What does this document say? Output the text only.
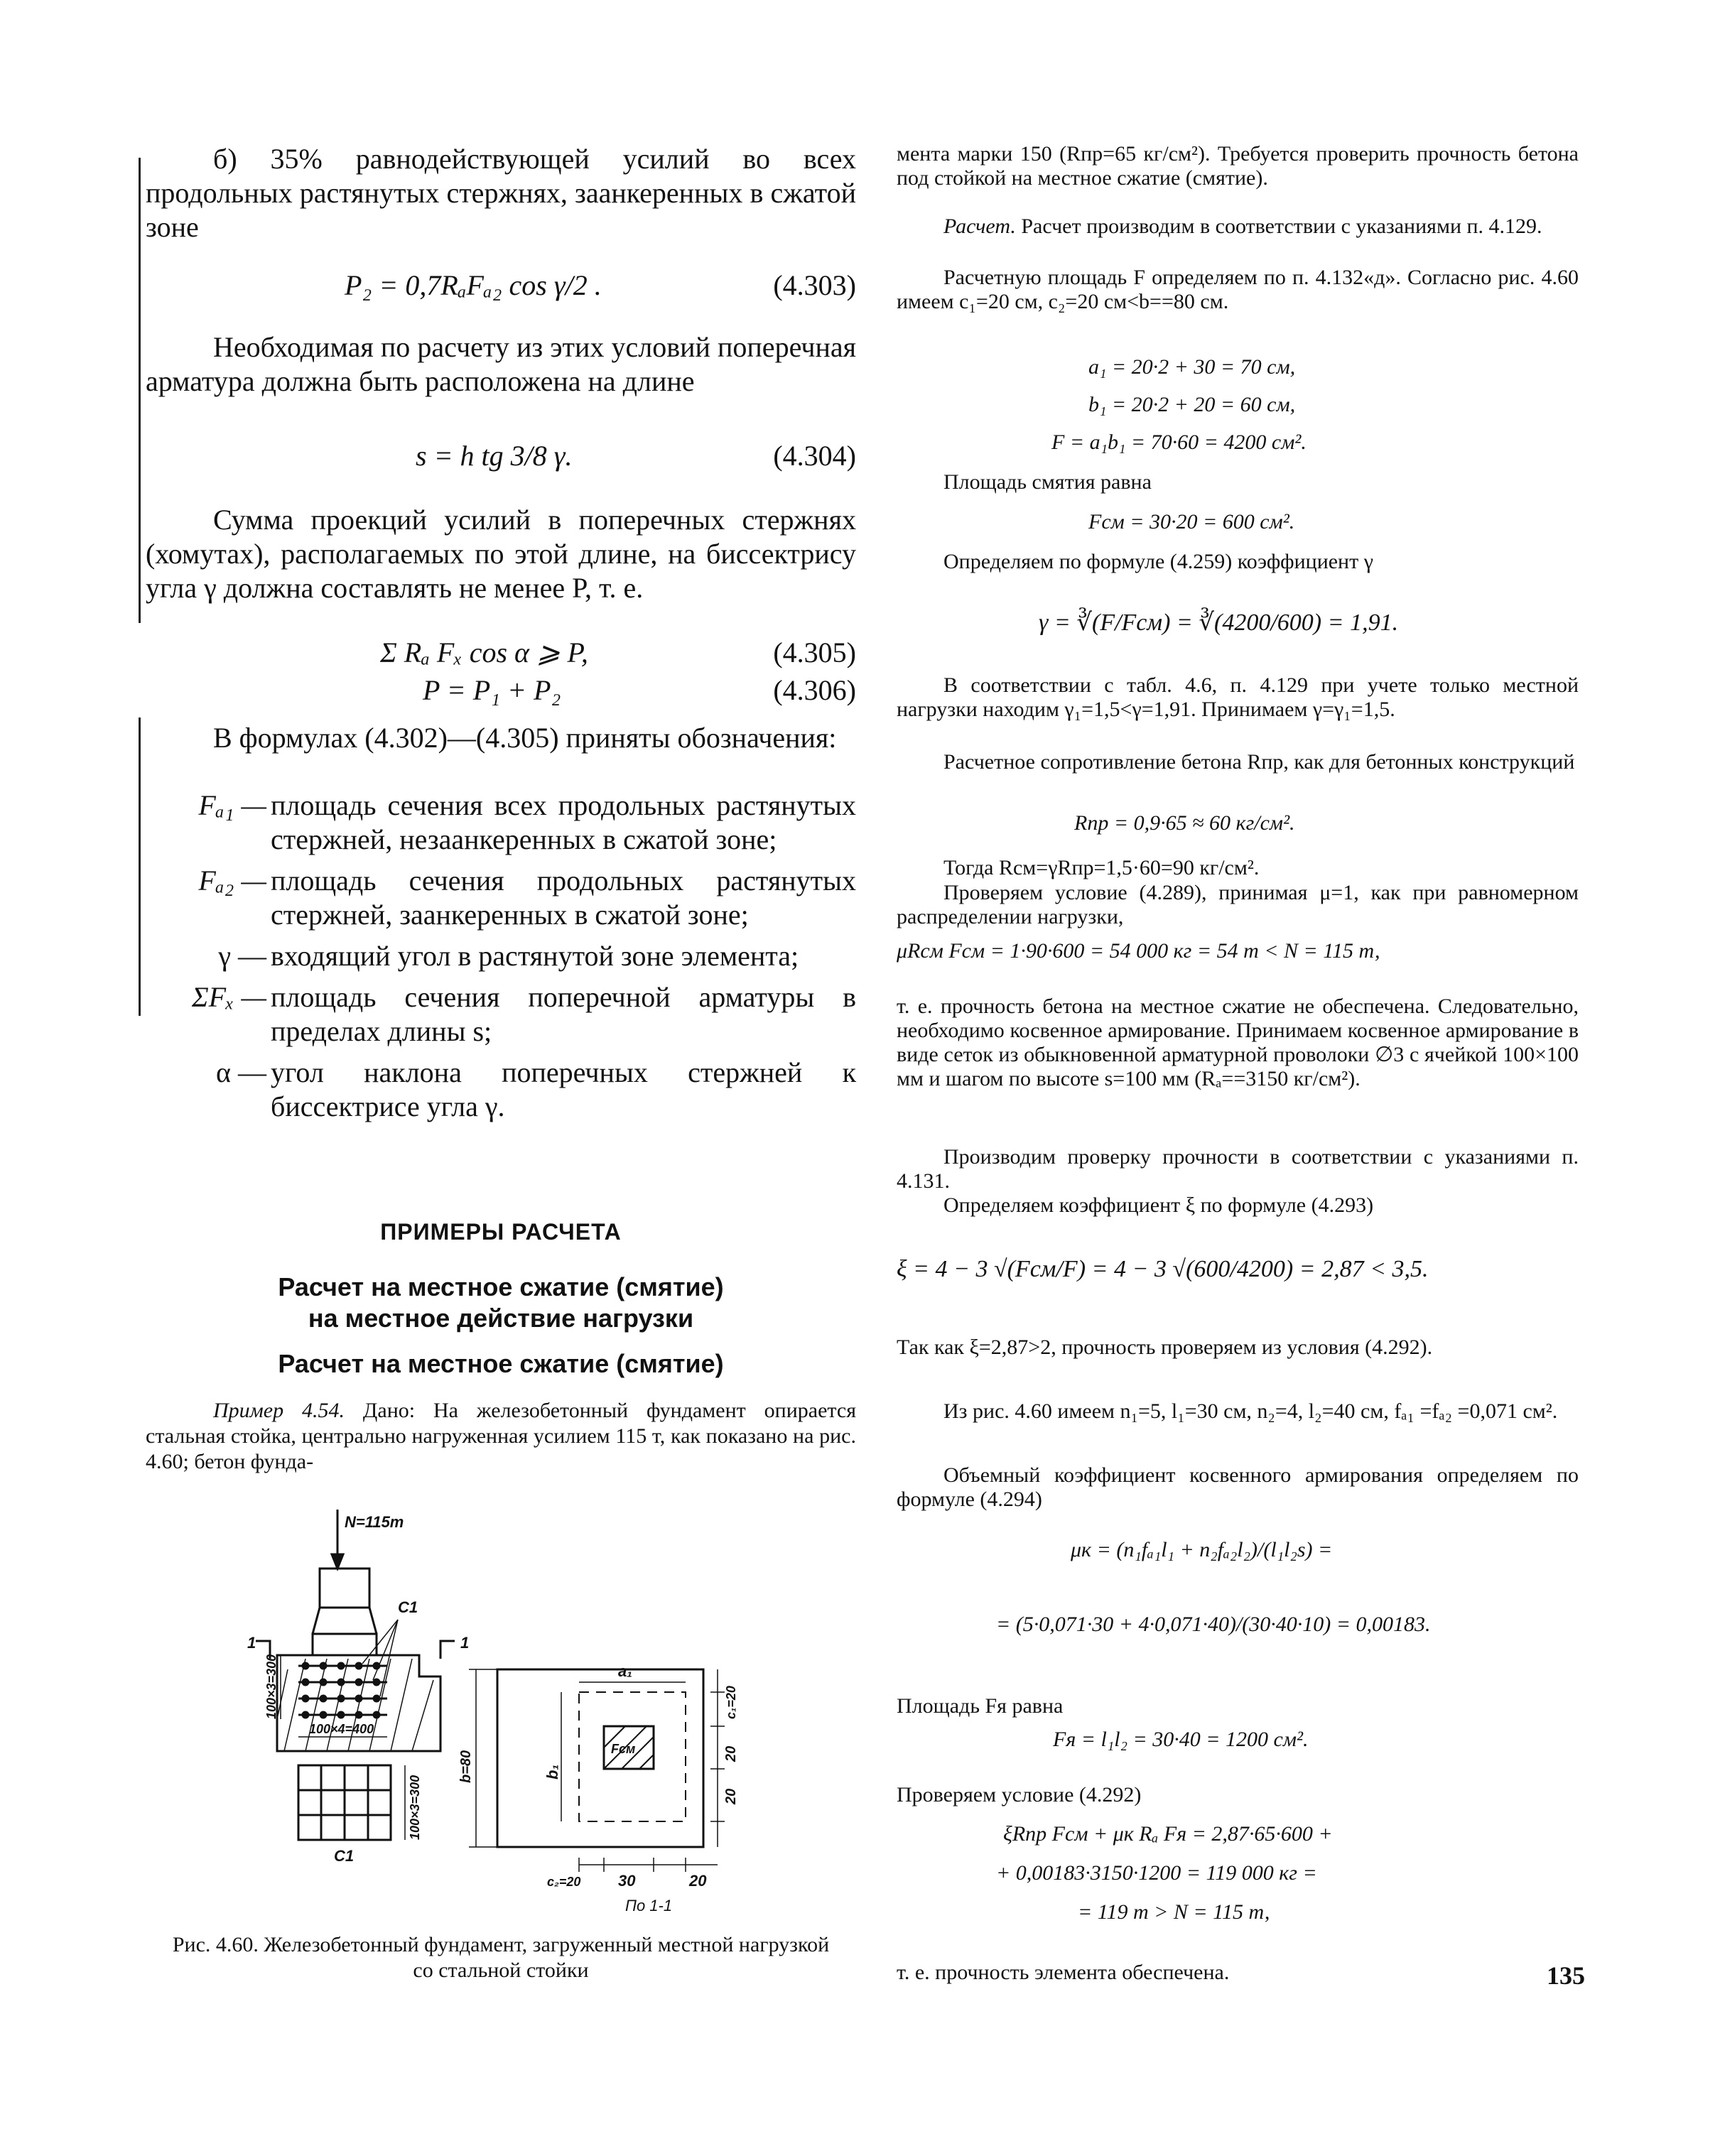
б) 35% равнодействующей усилий во всех продольных растянутых стержнях, заанкеренных в сжатой зоне
P₂ = 0,7RₐFₐ₂ cos γ/2 .	(4.303)
Необходимая по расчету из этих условий поперечная арматура должна быть расположена на длине
s = h tg 3/8 γ.	(4.304)
Сумма проекций усилий в поперечных стержнях (хомутах), располагаемых по этой длине, на биссектрису угла γ должна составлять не менее P, т. е.
Σ Rₐ Fₓ cos α ⩾ P,	(4.305)
P = P₁ + P₂	(4.306)
В формулах (4.302)—(4.305) приняты обозначения:
Fₐ₁ — площадь сечения всех продольных растянутых стержней, незаанкеренных в сжатой зоне;
Fₐ₂ — площадь сечения продольных растянутых стержней, заанкеренных в сжатой зоне;
γ — входящий угол в растянутой зоне элемента;
ΣFₓ — площадь сечения поперечной арматуры в пределах длины s;
α — угол наклона поперечных стержней к биссектрисе угла γ.
ПРИМЕРЫ РАСЧЕТА
Расчет на местное сжатие (смятие)
на местное действие нагрузки
Расчет на местное сжатие (смятие)
Пример 4.54. Дано: На железобетонный фундамент опирается стальная стойка, центрально нагруженная усилием 115 т, как показано на рис. 4.60; бетон фунда-
N=115т
С1
1	1
100×3=300
100×4=400
100×3=300
С1
b=80
a₁
b₁
Fсм
c₁=20
20
20
c₂=20 30	20
По 1-1
Рис. 4.60. Железобетонный фундамент, загруженный местной нагрузкой со стальной стойки
мента марки 150 (Rпр=65 кг/см²). Требуется проверить прочность бетона под стойкой на местное сжатие (смятие).
Расчет. Расчет производим в соответствии с указаниями п. 4.129.
Расчетную площадь F определяем по п. 4.132«д». Согласно рис. 4.60 имеем c₁=20 см, c₂=20 см<b==80 см.
a₁ = 20·2 + 30 = 70 см,
b₁ = 20·2 + 20 = 60 см,
F = a₁b₁ = 70·60 = 4200 см².
Площадь смятия равна
Fсм = 30·20 = 600 см².
Определяем по формуле (4.259) коэффициент γ
γ = ∛(F/Fсм) = ∛(4200/600) = 1,91.
В соответствии с табл. 4.6, п. 4.129 при учете только местной нагрузки находим γ₁=1,5<γ=1,91. Принимаем γ=γ₁=1,5.
Расчетное сопротивление бетона Rпр, как для бетонных конструкций
Rпр = 0,9·65 ≈ 60 кг/см².
Тогда Rсм=γRпр=1,5·60=90 кг/см².
Проверяем условие (4.289), принимая μ=1, как при равномерном распределении нагрузки,
μRсм Fсм = 1·90·600 = 54 000 кг = 54 т < N = 115 т,
т. е. прочность бетона на местное сжатие не обеспечена. Следовательно, необходимо косвенное армирование. Принимаем косвенное армирование в виде сеток из обыкновенной арматурной проволоки ∅3 с ячейкой 100×100 мм и шагом по высоте s=100 мм (Rₐ==3150 кг/см²).
Производим проверку прочности в соответствии с указаниями п. 4.131.
Определяем коэффициент ξ по формуле (4.293)
ξ = 4 − 3 √(Fсм/F) = 4 − 3 √(600/4200) = 2,87 < 3,5.
Так как ξ=2,87>2, прочность проверяем из условия (4.292).
Из рис. 4.60 имеем n₁=5, l₁=30 см, n₂=4, l₂=40 см, fₐ₁ =fₐ₂ =0,071 см².
Объемный коэффициент косвенного армирования определяем по формуле (4.294)
μк = (n₁fₐ₁l₁ + n₂fₐ₂l₂)/(l₁l₂s) =
= (5·0,071·30 + 4·0,071·40)/(30·40·10) = 0,00183.
Площадь Fя равна
Fя = l₁l₂ = 30·40 = 1200 см².
Проверяем условие (4.292)
ξRпр Fсм + μк Rₐ Fя = 2,87·65·600 +
+ 0,00183·3150·1200 = 119 000 кг =
= 119 т > N = 115 т,
т. е. прочность элемента обеспечена.	135
